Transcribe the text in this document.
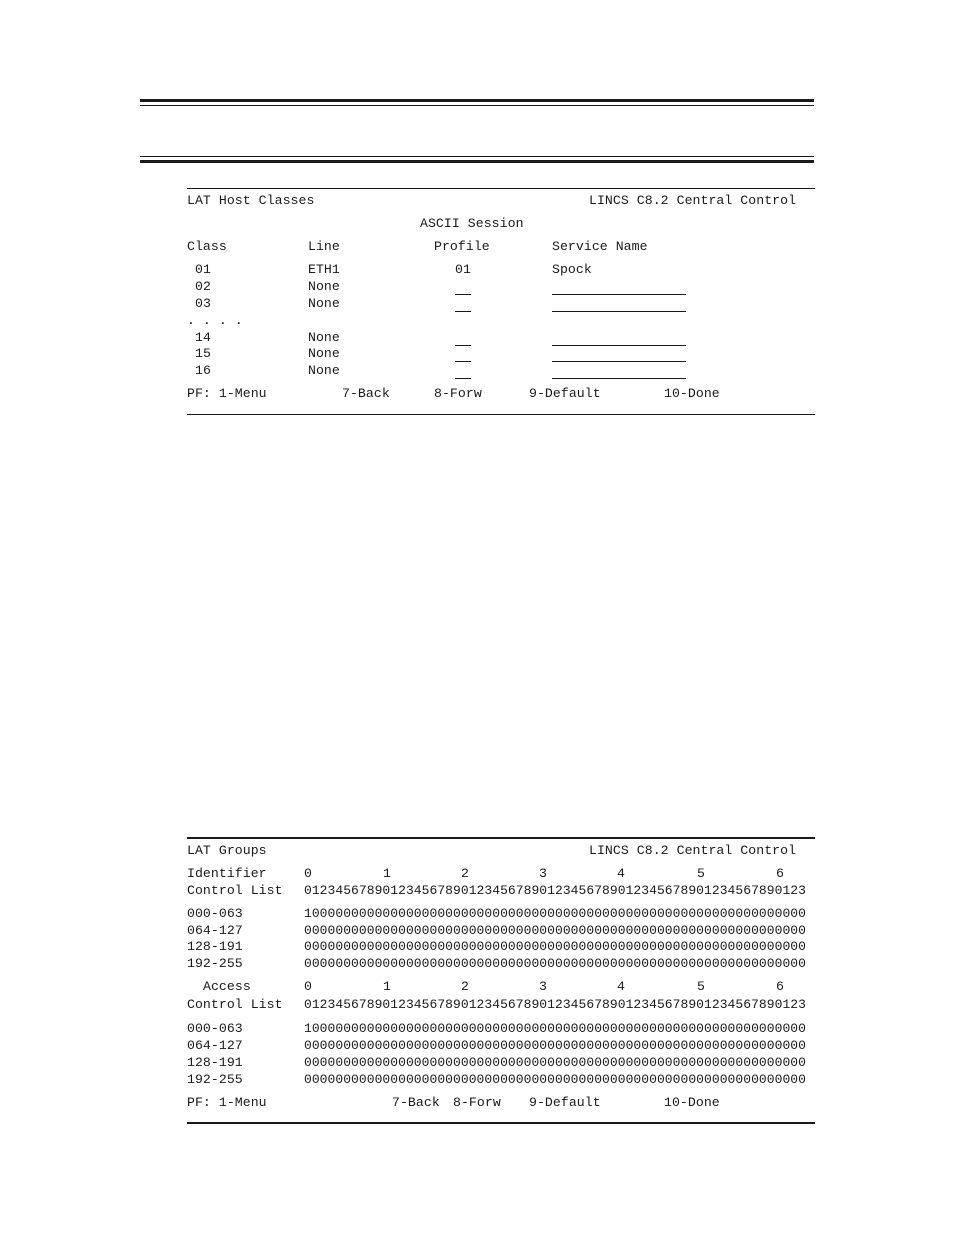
LAT Host Classes	LINCS C8.2 Central Control
ASCII Session
Class	Line	Profile	Service Name
01	ETH1	01	Spock
02	None
03	None
. . . .
14	None
15	None
16	None
PF: 1-Menu	7-Back	8-Forw	9-Default	10-Done
LAT Groups	LINCS C8.2 Central Control
Identifier	0	1	2	3	4	5	6
Control List 0123456789012345678901234567890123456789012345678901234567890123
000-063	1000000000000000000000000000000000000000000000000000000000000000
064-127	0000000000000000000000000000000000000000000000000000000000000000
128-191	0000000000000000000000000000000000000000000000000000000000000000
192-255	0000000000000000000000000000000000000000000000000000000000000000
Access	0	1	2	3	4	5	6
Control List 0123456789012345678901234567890123456789012345678901234567890123
000-063	1000000000000000000000000000000000000000000000000000000000000000
064-127	0000000000000000000000000000000000000000000000000000000000000000
128-191	0000000000000000000000000000000000000000000000000000000000000000
192-255	0000000000000000000000000000000000000000000000000000000000000000
PF: 1-Menu	7-Back 8-Forw 9-Default	10-Done
